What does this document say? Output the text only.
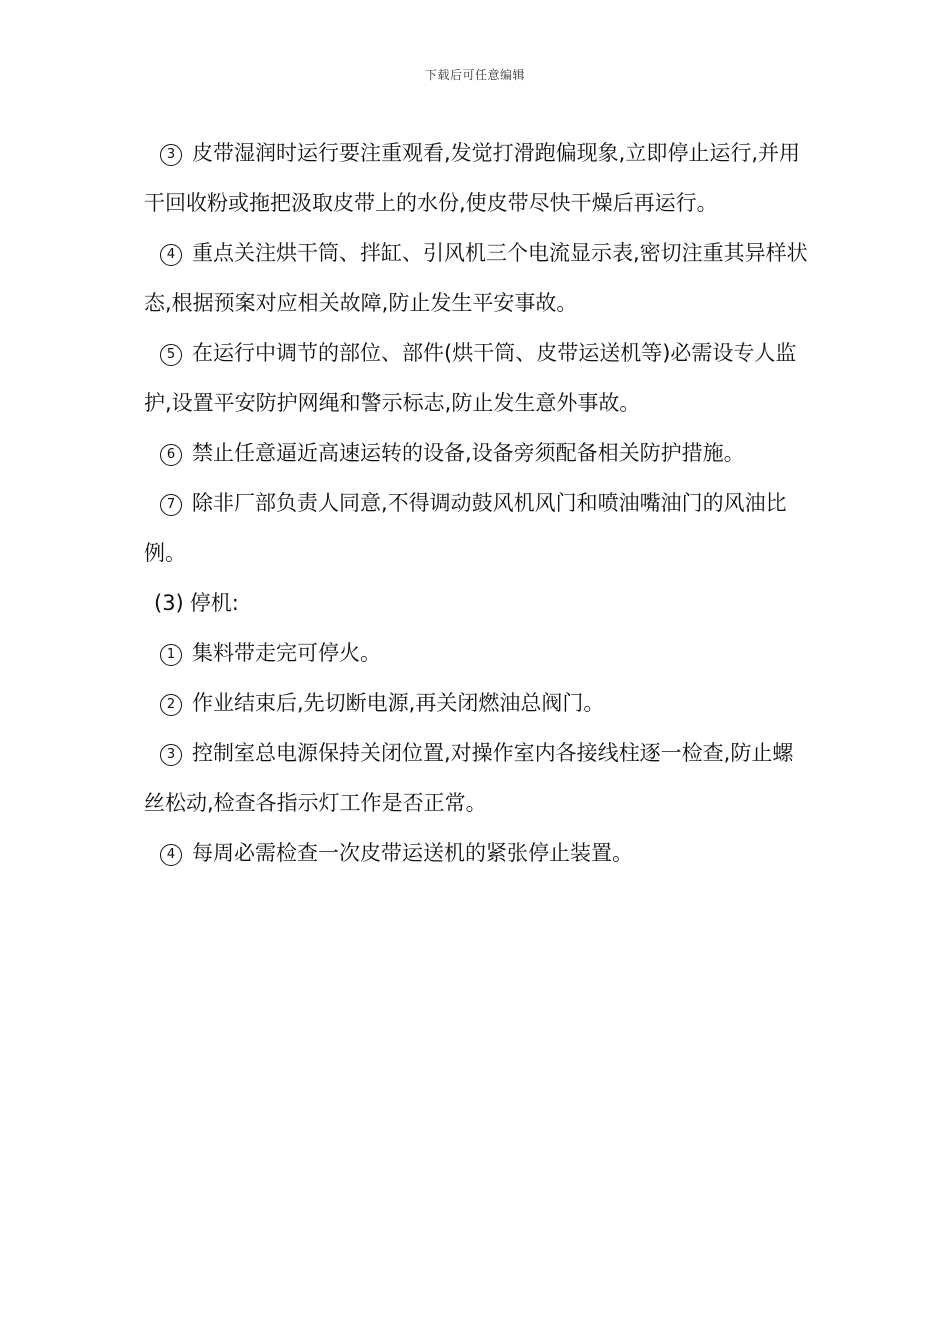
下载后可任意编辑

3 皮带湿润时运行要注重观看,发觉打滑跑偏现象,立即停止运行,并用干回收粉或拖把汲取皮带上的水份,使皮带尽快干燥后再运行。

4 重点关注烘干筒、拌缸、引风机三个电流显示表,密切注重其异样状态,根据预案对应相关故障,防止发生平安事故。

5 在运行中调节的部位、部件(烘干筒、皮带运送机等)必需设专人监护,设置平安防护网绳和警示标志,防止发生意外事故。

6 禁止任意逼近高速运转的设备,设备旁须配备相关防护措施。

7 除非厂部负责人同意,不得调动鼓风机风门和喷油嘴油门的风油比例。

(3) 停机:

1 集料带走完可停火。

2 作业结束后,先切断电源,再关闭燃油总阀门。

3 控制室总电源保持关闭位置,对操作室内各接线柱逐一检查,防止螺丝松动,检查各指示灯工作是否正常。

4 每周必需检查一次皮带运送机的紧张停止装置。
